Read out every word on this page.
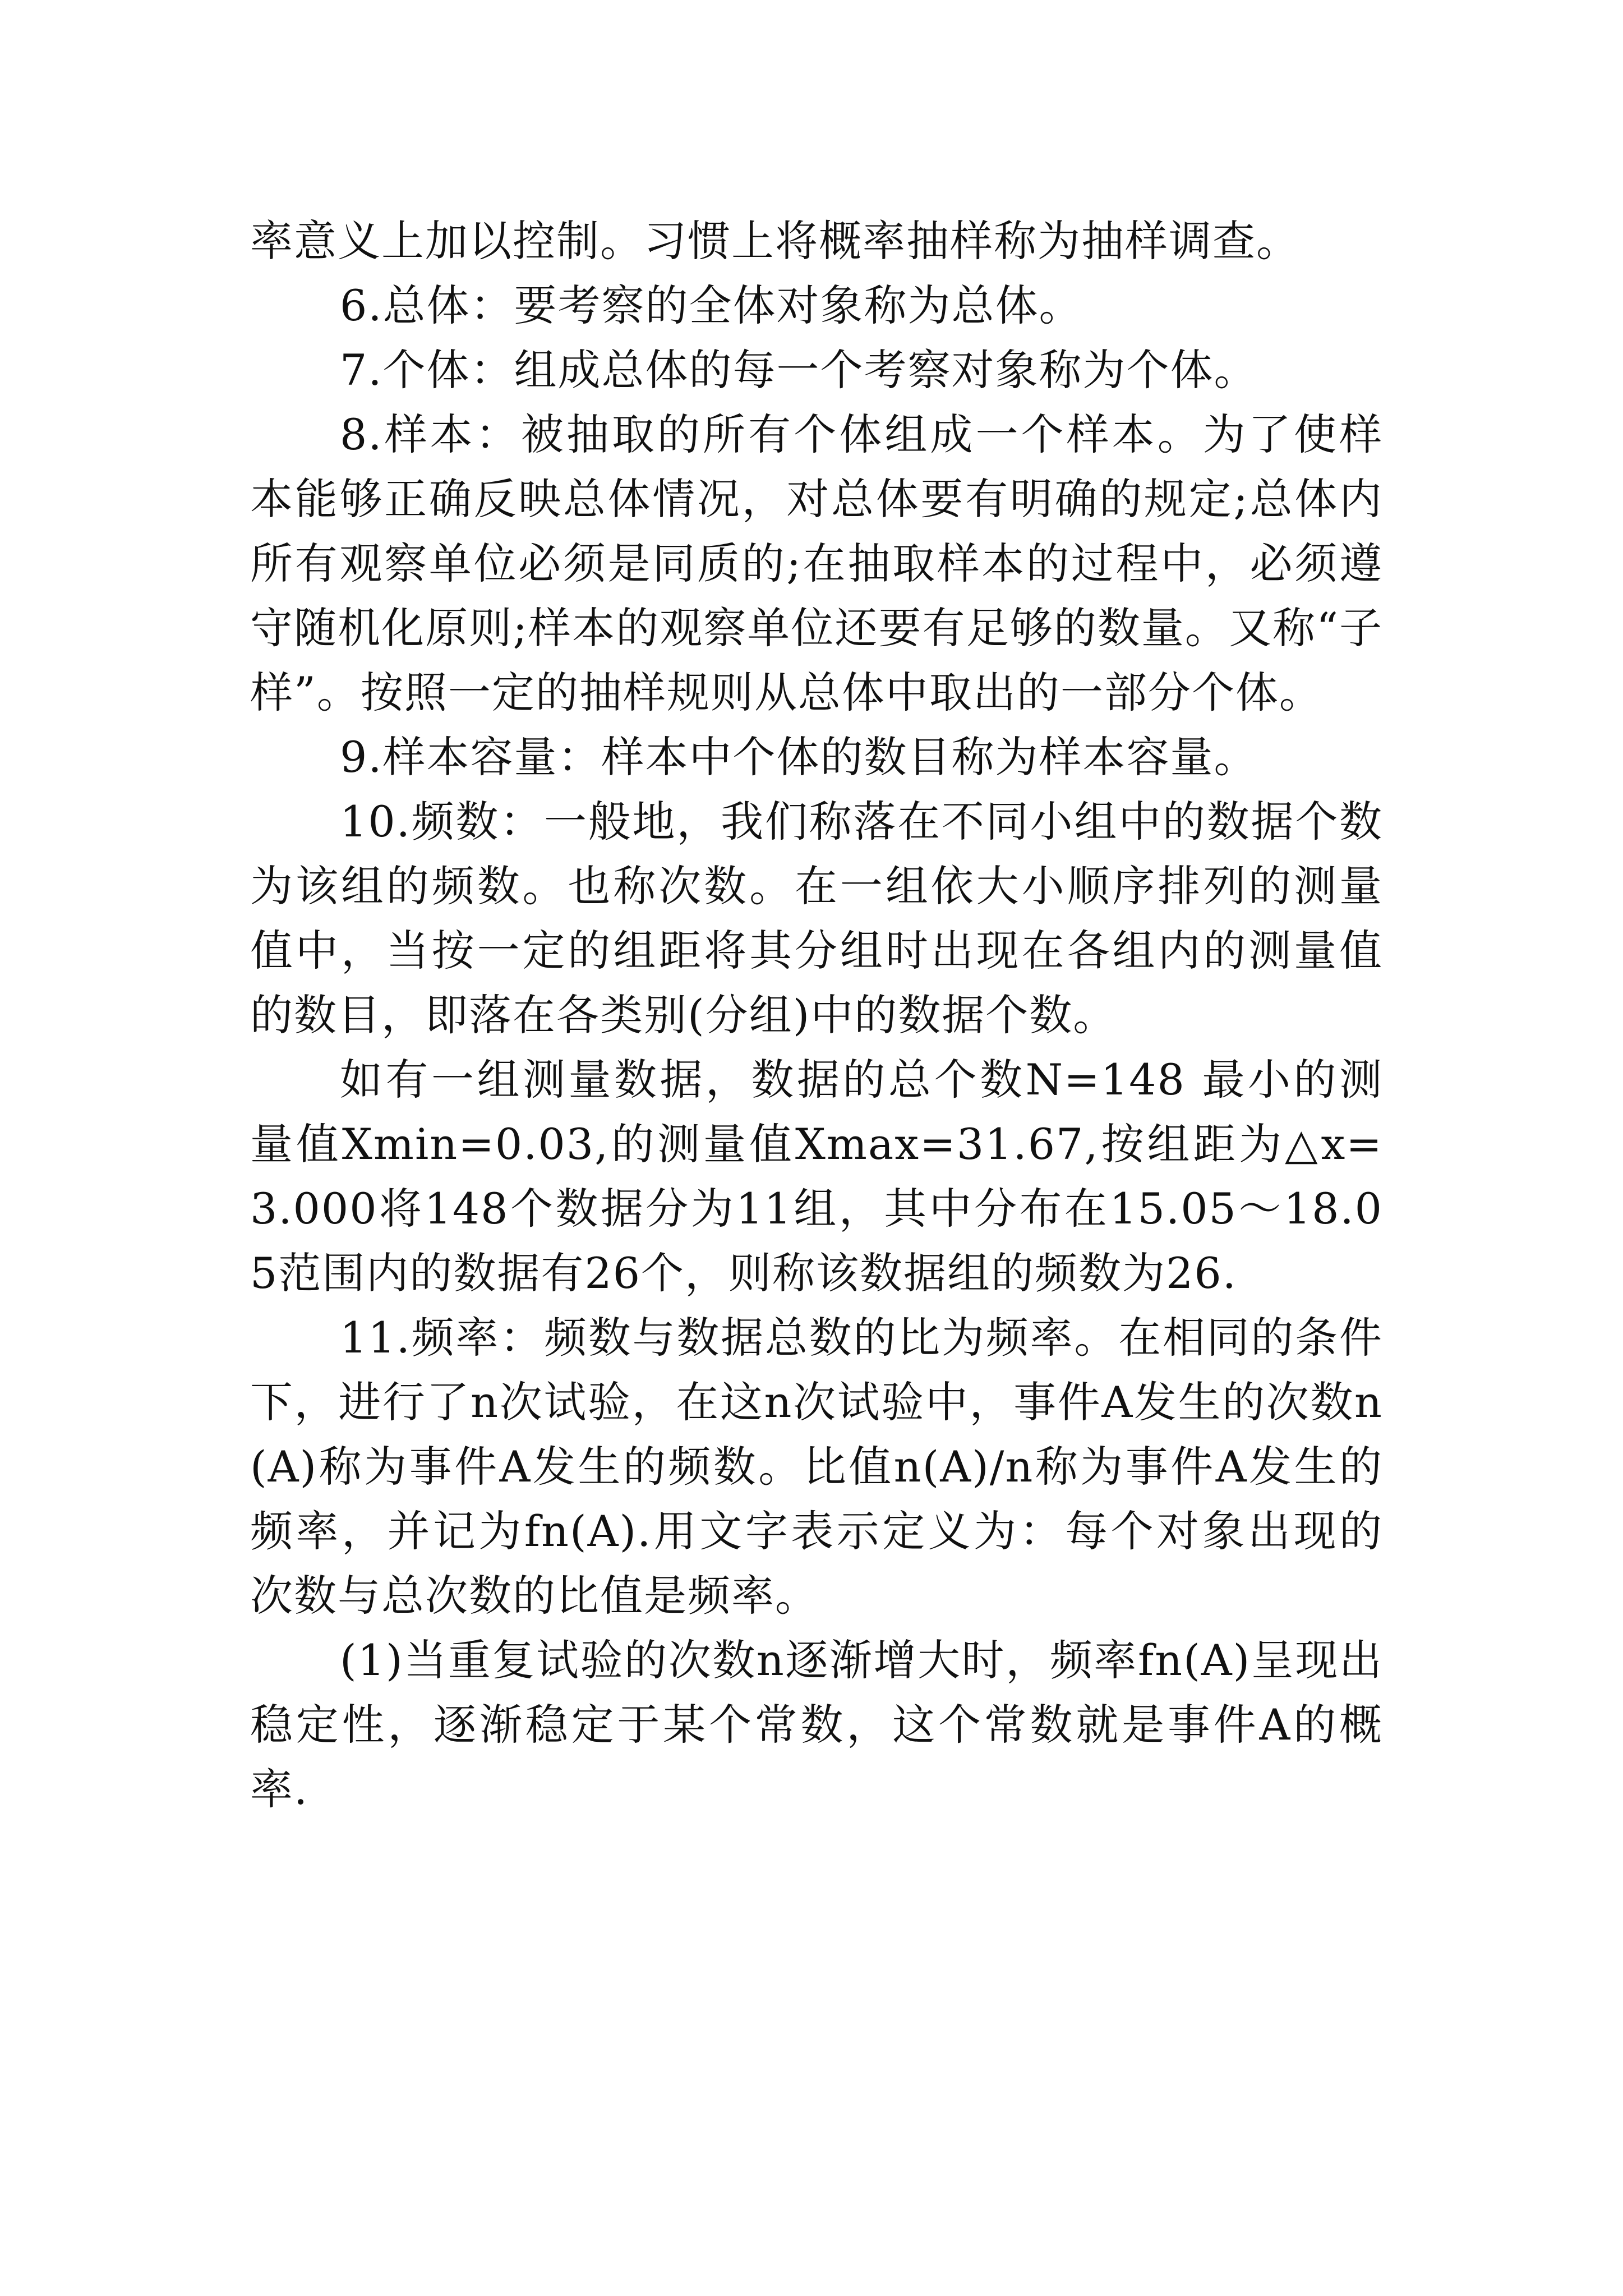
率意义上加以控制。习惯上将概率抽样称为抽样调查。

6.总体：要考察的全体对象称为总体。

7.个体：组成总体的每一个考察对象称为个体。

8.样本：被抽取的所有个体组成一个样本。为了使样本能够正确反映总体情况，对总体要有明确的规定;总体内所有观察单位必须是同质的;在抽取样本的过程中，必须遵守随机化原则;样本的观察单位还要有足够的数量。又称“子样”。按照一定的抽样规则从总体中取出的一部分个体。

9.样本容量：样本中个体的数目称为样本容量。

10.频数：一般地，我们称落在不同小组中的数据个数为该组的频数。也称次数。在一组依大小顺序排列的测量值中，当按一定的组距将其分组时出现在各组内的测量值的数目，即落在各类别(分组)中的数据个数。

如有一组测量数据，数据的总个数N=148 最小的测量值Xmin=0.03,的测量值Xmax=31.67,按组距为△x=3.000将148个数据分为11组，其中分布在15.05～18.05范围内的数据有26个，则称该数据组的频数为26.

11.频率：频数与数据总数的比为频率。在相同的条件下，进行了n次试验，在这n次试验中，事件A发生的次数n(A)称为事件A发生的频数。比值n(A)/n称为事件A发生的频率，并记为fn(A).用文字表示定义为：每个对象出现的次数与总次数的比值是频率。

(1)当重复试验的次数n逐渐增大时，频率fn(A)呈现出稳定性，逐渐稳定于某个常数，这个常数就是事件A的概率.
